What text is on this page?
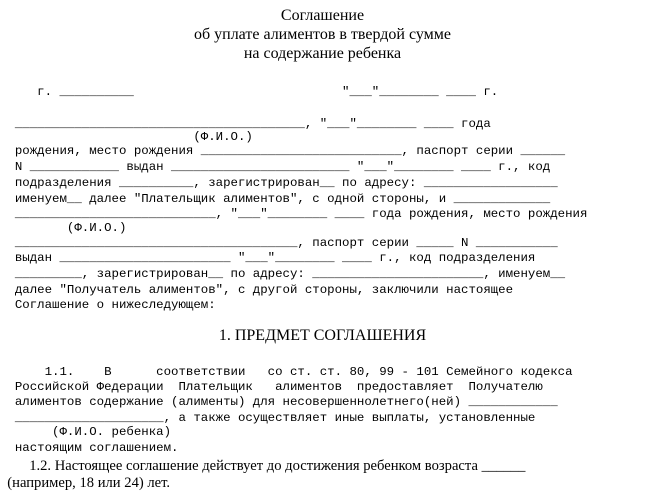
Соглашение

об уплате алиментов в твердой сумме

на содержание ребенка

г. __________                            "___"________ ____ г.

_______________________________________, "___"________ ____ года

(Ф.И.О.)

рождения, место рождения ___________________________, паспорт серии ______

N ____________ выдан ________________________ "___"________ ____ г., код

подразделения __________, зарегистрирован__ по адресу: __________________

именуем__ далее "Плательщик алиментов", с одной стороны, и _____________

___________________________, "___"________ ____ года рождения, место рождения

(Ф.И.О.)

______________________________________, паспорт серии _____ N ___________

выдан _______________________ "___"________ ____ г., код подразделения

_________, зарегистрирован__ по адресу: _______________________, именуем__

далее "Получатель алиментов", с другой стороны, заключили настоящее

Соглашение о нижеследующем:

1. ПРЕДМЕТ СОГЛАШЕНИЯ

1.1.    В      соответствии   со ст. ст. 80, 99 - 101 Семейного кодекса

Российской Федерации  Плательщик   алиментов  предоставляет  Получателю

алиментов содержание (алименты) для несовершеннолетнего(ней) ____________

____________________, а также осуществляет иные выплаты, установленные

(Ф.И.О. ребенка)

настоящим соглашением.

1.2. Настоящее соглашение действует до достижения ребенком возраста ______

(например, 18 или 24) лет.
